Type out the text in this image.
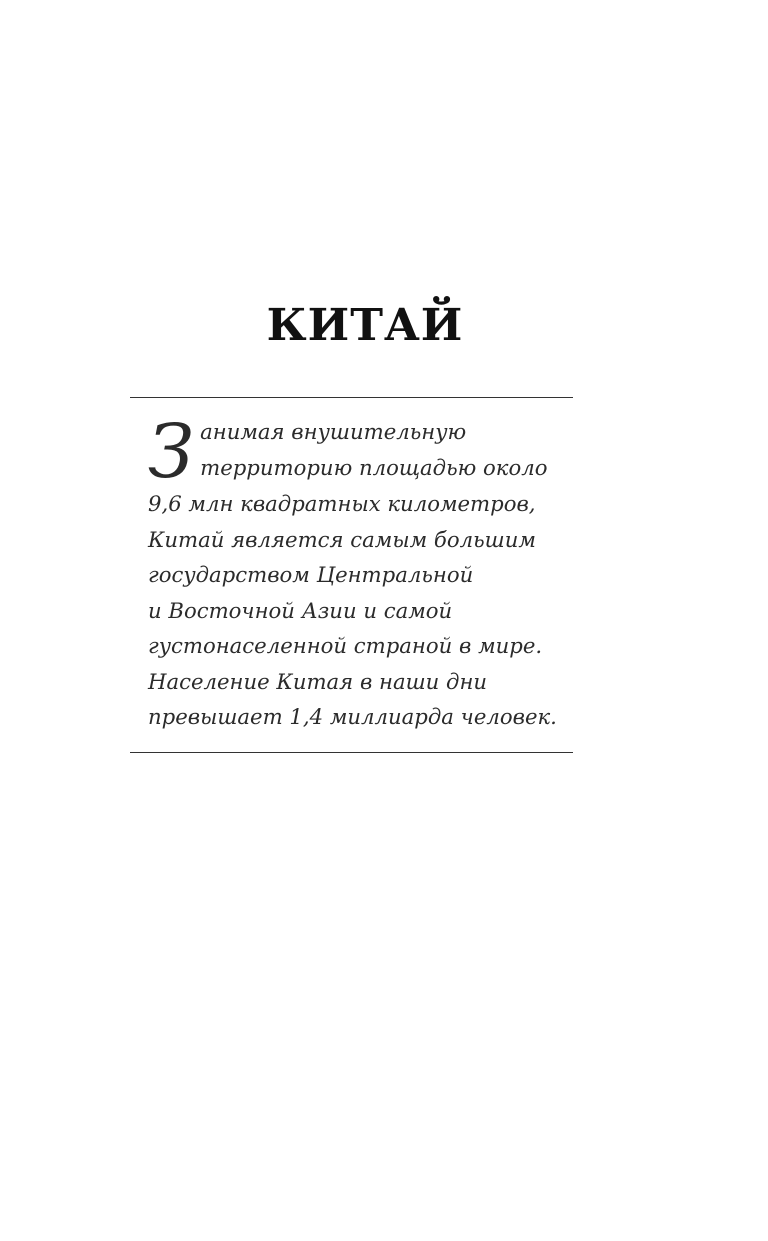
КИТАЙ
З анимая внушительную
территорию площадью около
9,6 млн квадратных километров,
Китай является самым большим
государством Центральной
и Восточной Азии и самой
густонаселенной страной в мире.
Население Китая в наши дни
превышает 1,4 миллиарда человек.
